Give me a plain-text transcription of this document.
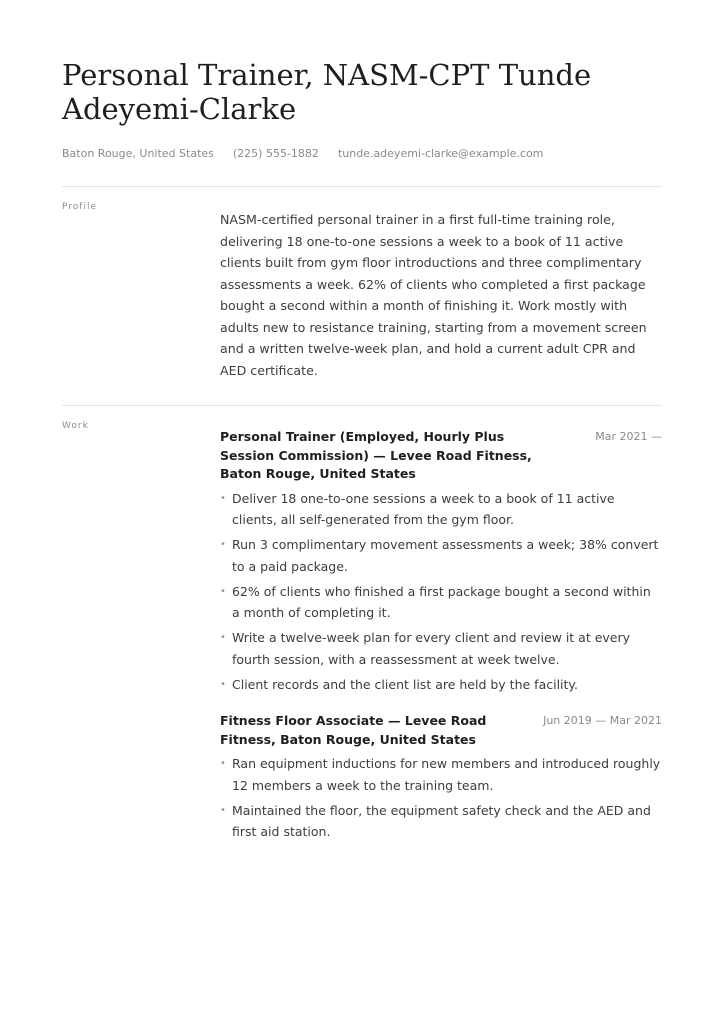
Personal Trainer, NASM-CPT Tunde Adeyemi-Clarke
Baton Rouge, United States (225) 555-1882 tunde.adeyemi-clarke@example.com
Profile

NASM-certified personal trainer in a first full-time training role, delivering 18 one-to-one sessions a week to a book of 11 active clients built from gym floor introductions and three complimentary assessments a week. 62% of clients who completed a first package bought a second within a month of finishing it. Work mostly with adults new to resistance training, starting from a movement screen and a written twelve-week plan, and hold a current adult CPR and AED certificate.

Work
Personal Trainer (Employed, Hourly Plus Session Commission) — Levee Road Fitness, Baton Rouge, United States
Mar 2021 —
• Deliver 18 one-to-one sessions a week to a book of 11 active clients, all self-generated from the gym floor.
• Run 3 complimentary movement assessments a week; 38% convert to a paid package.
• 62% of clients who finished a first package bought a second within a month of completing it.
• Write a twelve-week plan for every client and review it at every fourth session, with a reassessment at week twelve.
• Client records and the client list are held by the facility.
Fitness Floor Associate — Levee Road Fitness, Baton Rouge, United States
Jun 2019 — Mar 2021
• Ran equipment inductions for new members and introduced roughly 12 members a week to the training team.
• Maintained the floor, the equipment safety check and the AED and first aid station.
